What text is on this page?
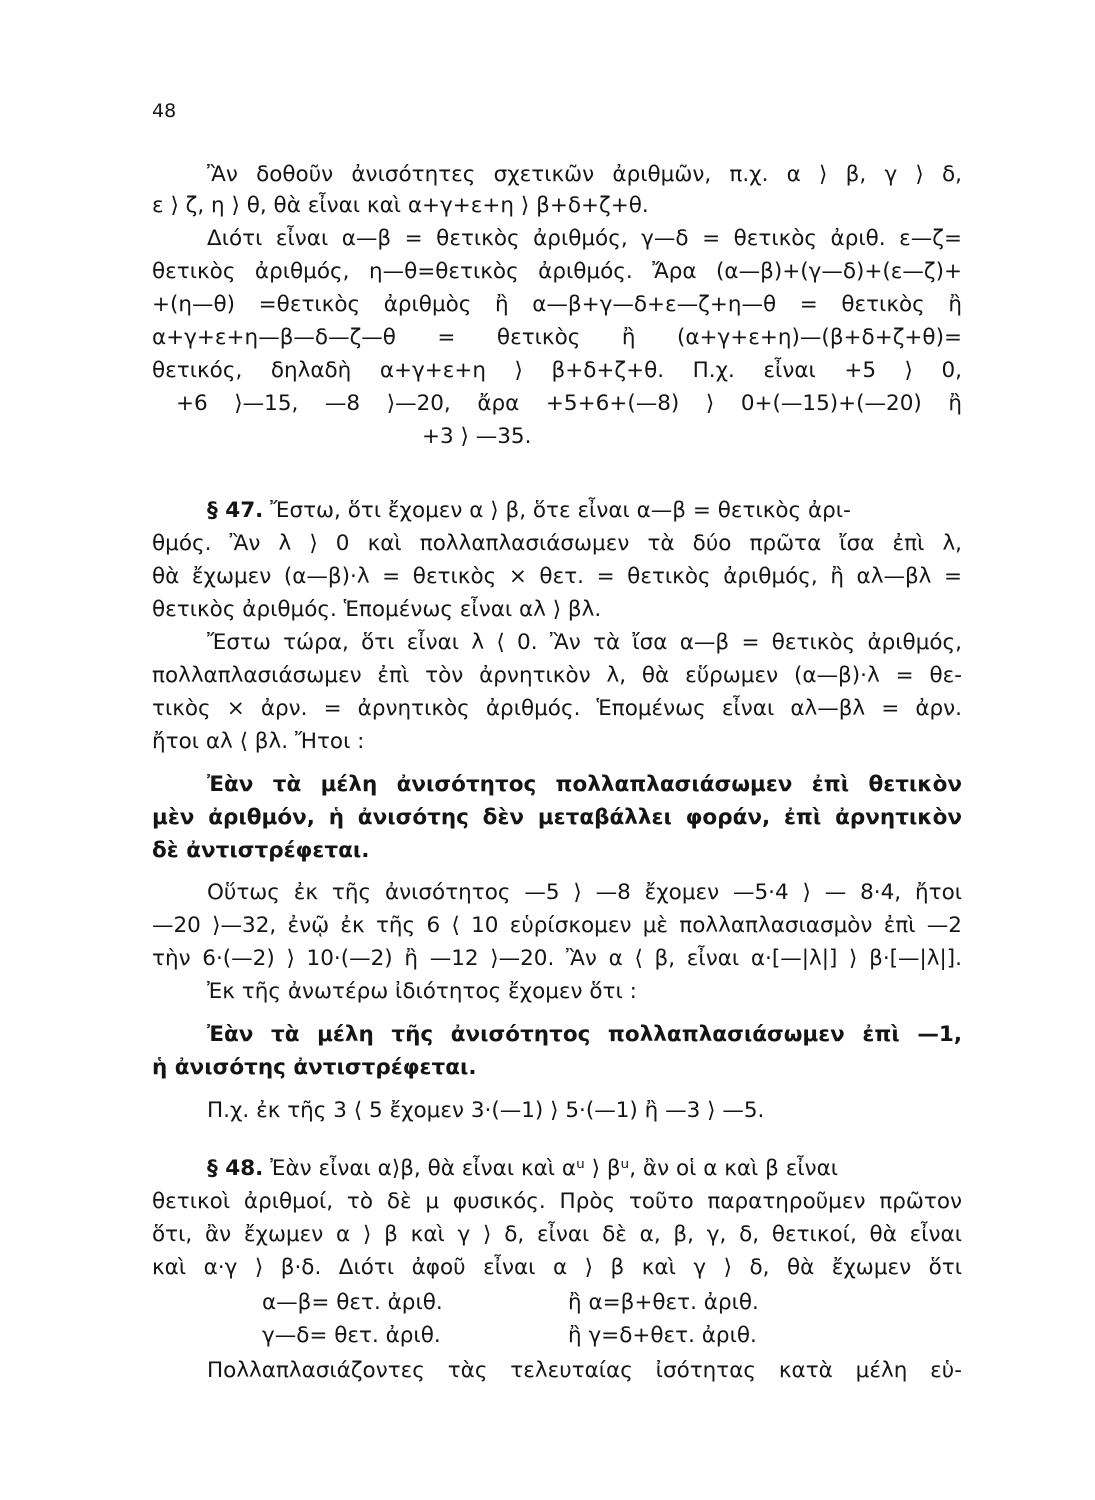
48
Ἂν δοθοῦν ἀνισότητες σχετικῶν ἀριθμῶν, π.χ. α ⟩ β, γ ⟩ δ,
ε ⟩ ζ, η ⟩ θ, θὰ εἶναι καὶ α+γ+ε+η ⟩ β+δ+ζ+θ.
Διότι εἶναι α—β = θετικὸς ἀριθμός, γ—δ = θετικὸς ἀριθ. ε—ζ=
θετικὸς ἀριθμός, η—θ=θετικὸς ἀριθμός. Ἄρα (α—β)+(γ—δ)+(ε—ζ)+
+(η—θ) =θετικὸς ἀριθμὸς ἢ α—β+γ—δ+ε—ζ+η—θ = θετικὸς ἢ
α+γ+ε+η—β—δ—ζ—θ = θετικὸς ἢ (α+γ+ε+η)—(β+δ+ζ+θ)=
θετικός, δηλαδὴ α+γ+ε+η ⟩ β+δ+ζ+θ. Π.χ. εἶναι +5 ⟩ 0,
+6 ⟩—15, —8 ⟩—20, ἄρα +5+6+(—8) ⟩ 0+(—15)+(—20) ἢ
+3 ⟩ —35.
§ 47. Ἔστω, ὅτι ἔχομεν α ⟩ β, ὅτε εἶναι α—β = θετικὸς ἀρι-
θμός. Ἂν λ ⟩ 0 καὶ πολλαπλασιάσωμεν τὰ δύο πρῶτα ἴσα ἐπὶ λ,
θὰ ἔχωμεν (α—β)·λ = θετικὸς × θετ. = θετικὸς ἀριθμός, ἢ αλ—βλ =
θετικὸς ἀριθμός. Ἑπομένως εἶναι αλ ⟩ βλ.
Ἔστω τώρα, ὅτι εἶναι λ ⟨ 0. Ἂν τὰ ἴσα α—β = θετικὸς ἀριθμός,
πολλαπλασιάσωμεν ἐπὶ τὸν ἀρνητικὸν λ, θὰ εὕρωμεν (α—β)·λ = θε-
τικὸς × ἀρν. = ἀρνητικὸς ἀριθμός. Ἑπομένως εἶναι αλ—βλ = ἀρν.
ἤτοι αλ ⟨ βλ. Ἤτοι :
Ἐὰν τὰ μέλη ἀνισότητος πολλαπλασιάσωμεν ἐπὶ θετικὸν
μὲν ἀριθμόν, ἡ ἀνισότης δὲν μεταβάλλει φοράν, ἐπὶ ἀρνητικὸν
δὲ ἀντιστρέφεται.
Οὕτως ἐκ τῆς ἀνισότητος —5 ⟩ —8 ἔχομεν —5·4 ⟩ — 8·4, ἤτοι
—20 ⟩—32, ἐνῷ ἐκ τῆς 6 ⟨ 10 εὑρίσκομεν μὲ πολλαπλασιασμὸν ἐπὶ —2
τὴν 6·(—2) ⟩ 10·(—2) ἢ —12 ⟩—20. Ἂν α ⟨ β, εἶναι α·[—|λ|] ⟩ β·[—|λ|].
Ἐκ τῆς ἀνωτέρω ἰδιότητος ἔχομεν ὅτι :
Ἐὰν τὰ μέλη τῆς ἀνισότητος πολλαπλασιάσωμεν ἐπὶ —1,
ἡ ἀνισότης ἀντιστρέφεται.
Π.χ. ἐκ τῆς 3 ⟨ 5 ἔχομεν 3·(—1) ⟩ 5·(—1) ἢ —3 ⟩ —5.
§ 48. Ἐὰν εἶναι α⟩β, θὰ εἶναι καὶ αᵘ ⟩ βᵘ, ἂν οἱ α καὶ β εἶναι
θετικοὶ ἀριθμοί, τὸ δὲ μ φυσικός. Πρὸς τοῦτο παρατηροῦμεν πρῶτον
ὅτι, ἂν ἔχωμεν α ⟩ β καὶ γ ⟩ δ, εἶναι δὲ α, β, γ, δ, θετικοί, θὰ εἶναι
καὶ α·γ ⟩ β·δ. Διότι ἀφοῦ εἶναι α ⟩ β καὶ γ ⟩ δ, θὰ ἔχωμεν ὅτι
α—β= θετ. ἀριθ.	ἢ α=β+θετ. ἀριθ.
γ—δ= θετ. ἀριθ.	ἢ γ=δ+θετ. ἀριθ.
Πολλαπλασιάζοντες τὰς τελευταίας ἰσότητας κατὰ μέλη εὑ-
